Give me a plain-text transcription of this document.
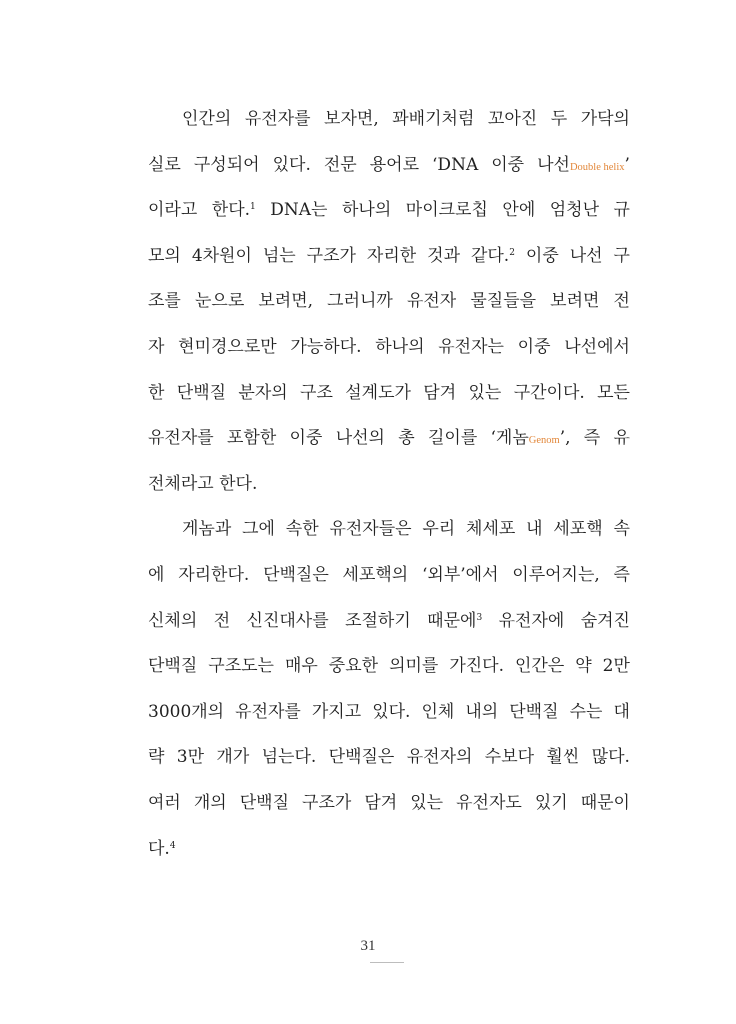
인간의 유전자를 보자면, 꽈배기처럼 꼬아진 두 가닥의
실로 구성되어 있다. 전문 용어로 ‘DNA 이중 나선Double helix’
이라고 한다.$^1$ DNA는 하나의 마이크로칩 안에 엄청난 규
모의 4차원이 넘는 구조가 자리한 것과 같다.$^2$ 이중 나선 구
조를 눈으로 보려면, 그러니까 유전자 물질들을 보려면 전
자 현미경으로만 가능하다. 하나의 유전자는 이중 나선에서
한 단백질 분자의 구조 설계도가 담겨 있는 구간이다. 모든
유전자를 포함한 이중 나선의 총 길이를 ‘게놈Genom’, 즉 유
전체라고
한다.
게놈과 그에 속한 유전자들은 우리 체세포 내 세포핵 속
에 자리한다. 단백질은 세포핵의 ‘외부’에서 이루어지는, 즉
신체의 전 신진대사를 조절하기 때문에$^3$ 유전자에 숨겨진
단백질 구조도는 매우 중요한 의미를 가진다. 인간은 약 2만
3000개의 유전자를 가지고 있다. 인체 내의 단백질 수는 대
략 3만 개가 넘는다. 단백질은 유전자의 수보다 훨씬 많다.
여러 개의 단백질 구조가 담겨 있는 유전자도 있기 때문이
다.$^4$
31
